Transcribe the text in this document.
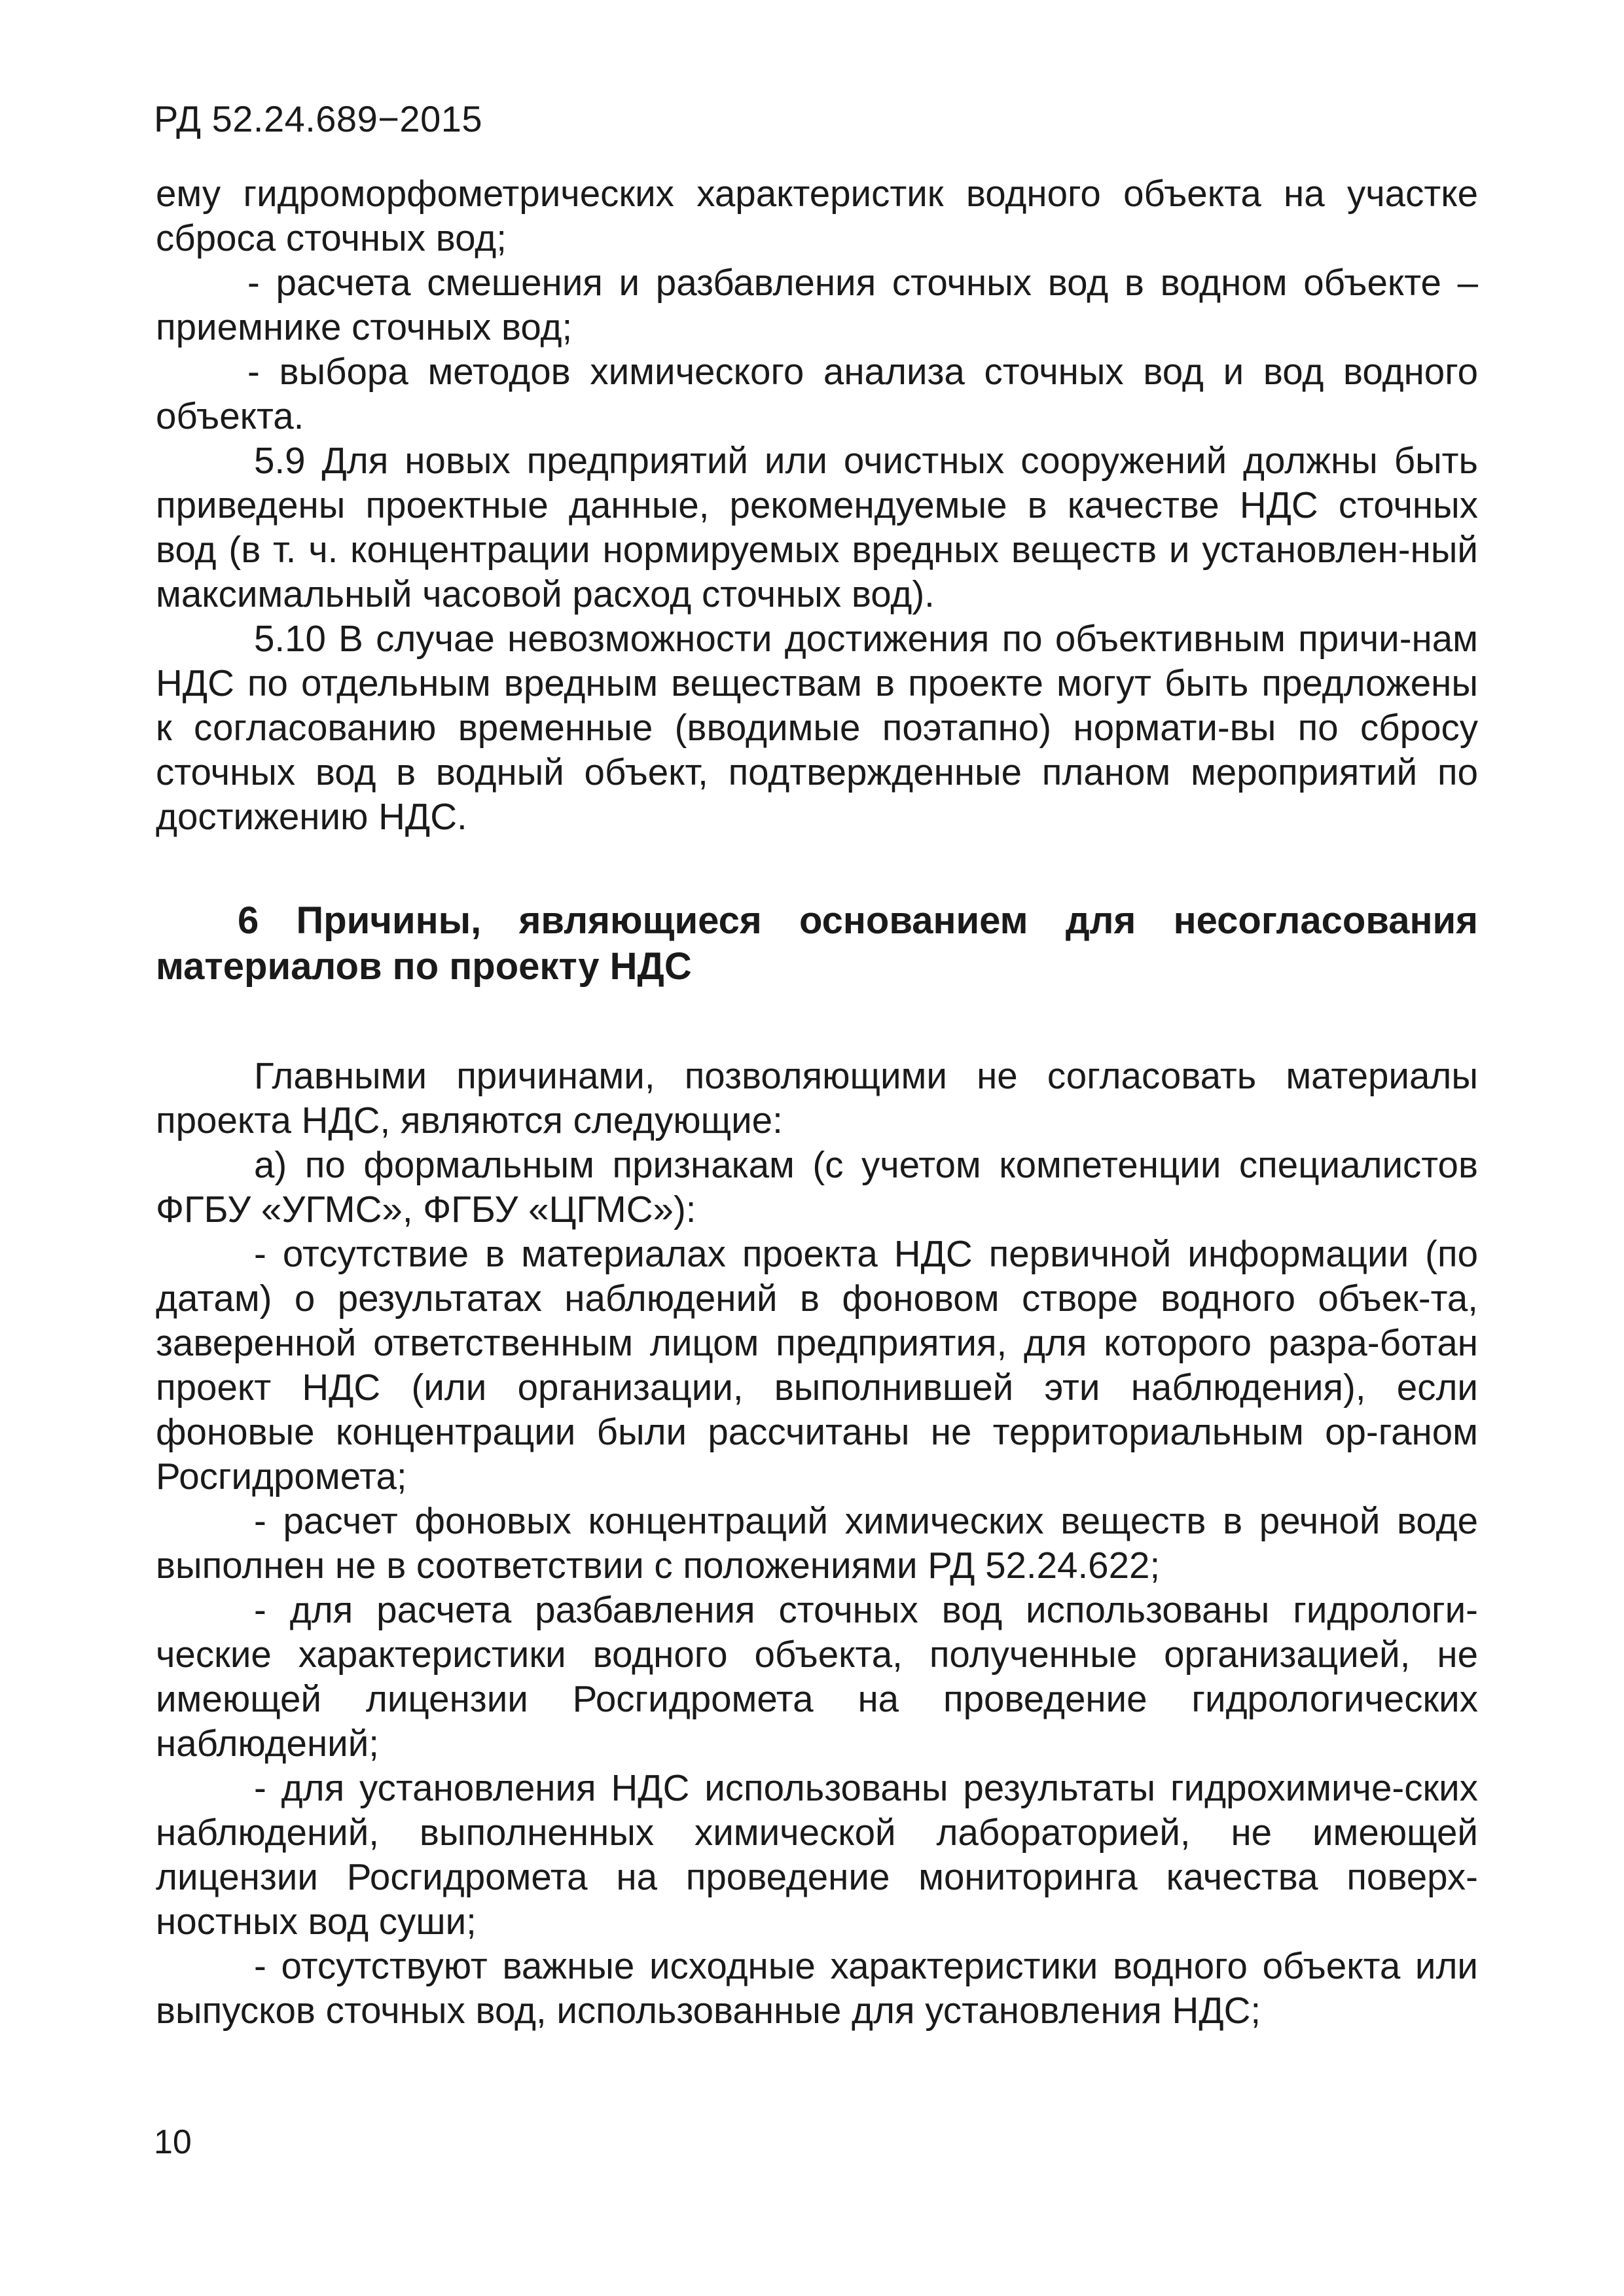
РД 52.24.689−2015

ему гидроморфометрических характеристик водного объекта на участке сброса сточных вод;

- расчета смешения и разбавления сточных вод в водном объекте – приемнике сточных вод;

- выбора методов химического анализа сточных вод и вод водного объекта.

5.9 Для новых предприятий или очистных сооружений должны быть приведены проектные данные, рекомендуемые в качестве НДС сточных вод (в т. ч. концентрации нормируемых вредных веществ и установлен-ный максимальный часовой расход сточных вод).

5.10 В случае невозможности достижения по объективным причи-нам НДС по отдельным вредным веществам в проекте могут быть предложены к согласованию временные (вводимые поэтапно) нормати-вы по сбросу сточных вод в водный объект, подтвержденные планом мероприятий по достижению НДС.

6 Причины, являющиеся основанием для несогласования материалов по проекту НДС

Главными причинами, позволяющими не согласовать материалы проекта НДС, являются следующие:

а) по формальным признакам (с учетом компетенции специалистов ФГБУ «УГМС», ФГБУ «ЦГМС»):

- отсутствие в материалах проекта НДС первичной информации (по датам) о результатах наблюдений в фоновом створе водного объек-та, заверенной ответственным лицом предприятия, для которого разра-ботан проект НДС (или организации, выполнившей эти наблюдения), если фоновые концентрации были рассчитаны не территориальным ор-ганом Росгидромета;

- расчет фоновых концентраций химических веществ в речной воде выполнен не в соответствии с положениями РД 52.24.622;

- для расчета разбавления сточных вод использованы гидрологи-ческие характеристики водного объекта, полученные организацией, не имеющей лицензии Росгидромета на проведение гидрологических наблюдений;

- для установления НДС использованы результаты гидрохимиче-ских наблюдений, выполненных химической лабораторией, не имеющей лицензии Росгидромета на проведение мониторинга качества поверх-ностных вод суши;

- отсутствуют важные исходные характеристики водного объекта или выпусков сточных вод, использованные для установления НДС;

10
